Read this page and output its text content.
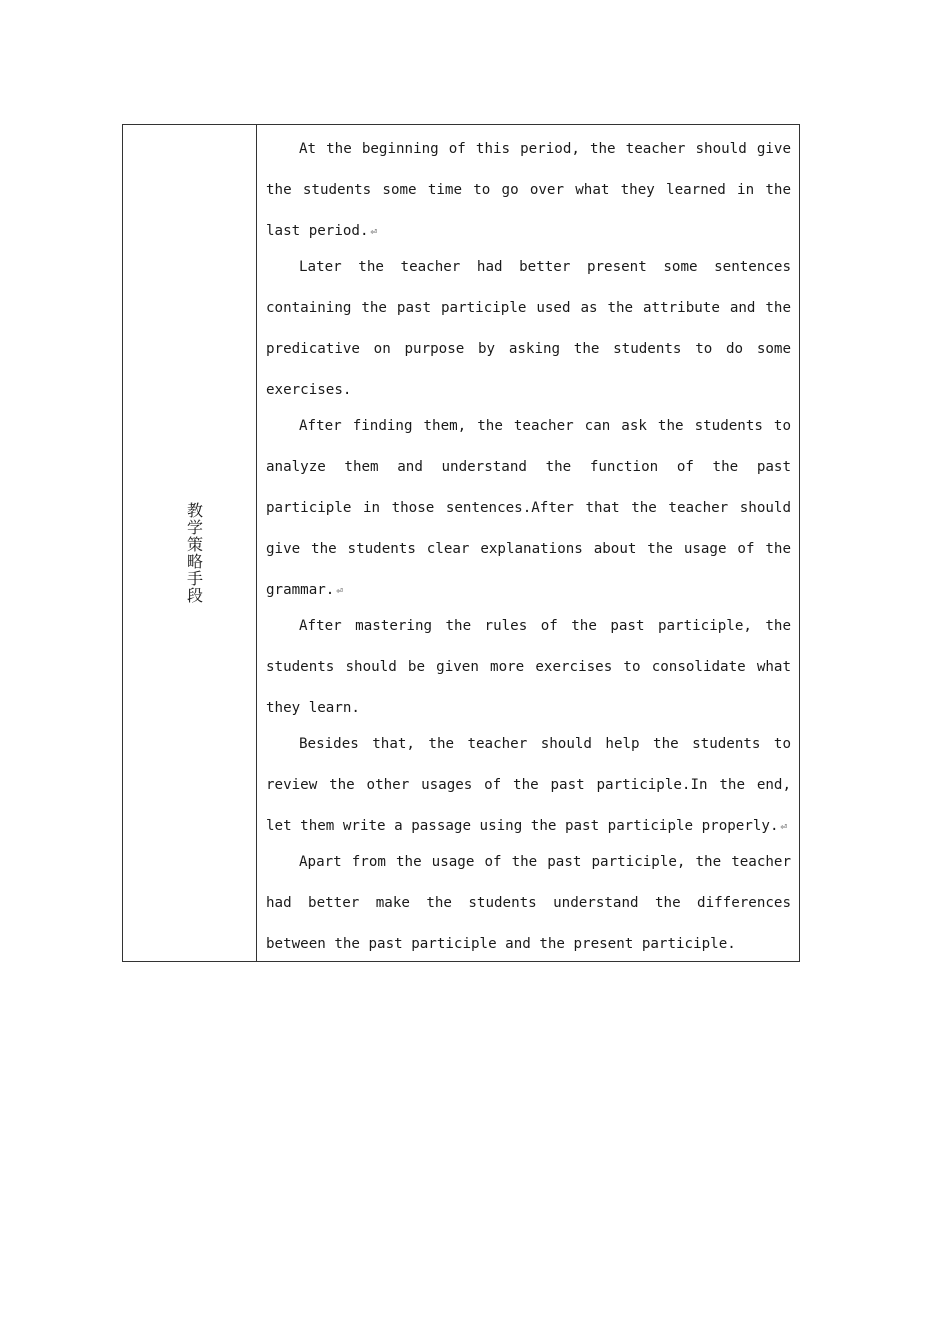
教学策略手段

At the beginning of this period, the teacher should give the students some time to go over what they learned in the last period. ⏎

Later the teacher had better present some sentences containing the past participle used as the attribute and the predicative on purpose by asking the students to do some exercises.

After finding them, the teacher can ask the students to analyze them and understand the function of the past participle in those sentences.After that the teacher should give the students clear explanations about the usage of the grammar. ⏎

After mastering the rules of the past participle, the students should be given more exercises to consolidate what they learn.

Besides that, the teacher should help the students to review the other usages of the past participle.In the end, let them write a passage using the past participle properly. ⏎

Apart from the usage of the past participle, the teacher had better make the students understand the differences between the past participle and the present participle.
